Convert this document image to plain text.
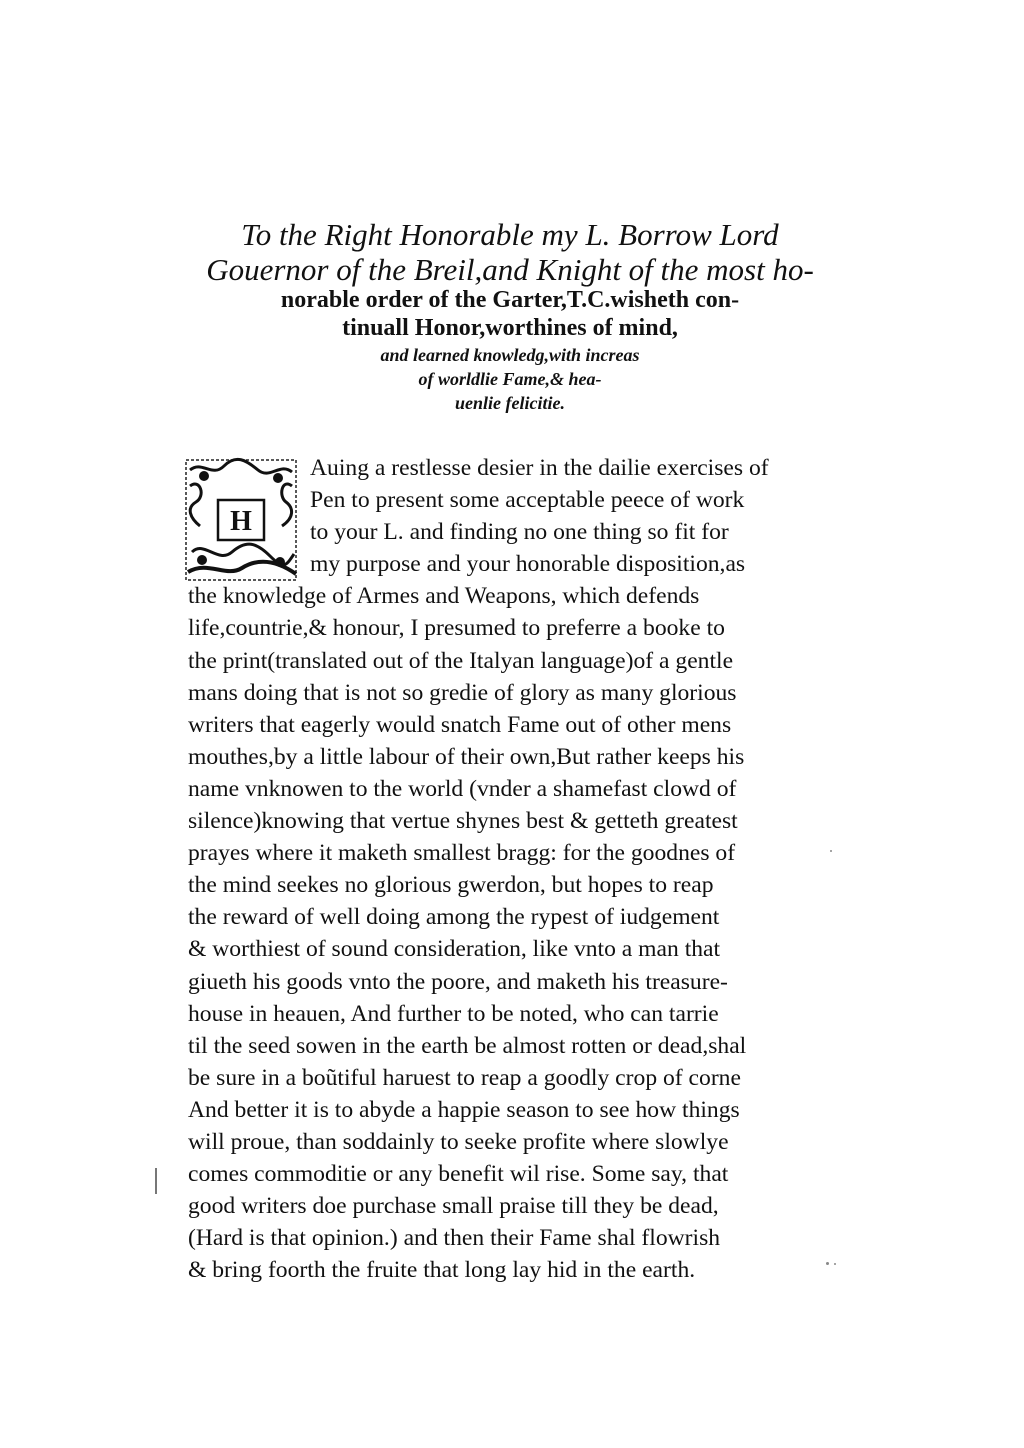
To the Right Honorable my L. Borrow Lord
Gouernor of the Breil,and Knight of the most ho-
norable order of the Garter,T.C.wisheth con-
tinuall Honor,worthines of mind,
and learned knowledg,with increas
of worldlie Fame,& hea-
uenlie felicitie.
H
Auing a restlesse desier in the dailie exercises of
Pen to present some acceptable peece of work
to your L. and finding no one thing so fit for
my purpose and your honorable disposition,as
the knowledge of Armes and Weapons, which defends
life,countrie,& honour, I presumed to preferre a booke to
the print(translated out of the Italyan language)of a gentle
mans doing that is not so gredie of glory as many glorious
writers that eagerly would snatch Fame out of other mens
mouthes,by a little labour of their own,But rather keeps his
name vnknowen to the world (vnder a shamefast clowd of
silence)knowing that vertue shynes best & getteth greatest
prayes where it maketh smallest bragg: for the goodnes of
the mind seekes no glorious gwerdon, but hopes to reap
the reward of well doing among the rypest of iudgement
& worthiest of sound consideration, like vnto a man that
giueth his goods vnto the poore, and maketh his treasure-
house in heauen, And further to be noted, who can tarrie
til the seed sowen in the earth be almost rotten or dead,shal
be sure in a boũtiful haruest to reap a goodly crop of corne
And better it is to abyde a happie season to see how things
will proue, than soddainly to seeke profite where slowlye
comes commoditie or any benefit wil rise. Some say, that
good writers doe purchase small praise till they be dead,
(Hard is that opinion.) and then their Fame shal flowrish
& bring foorth the fruite that long lay hid in the earth.
